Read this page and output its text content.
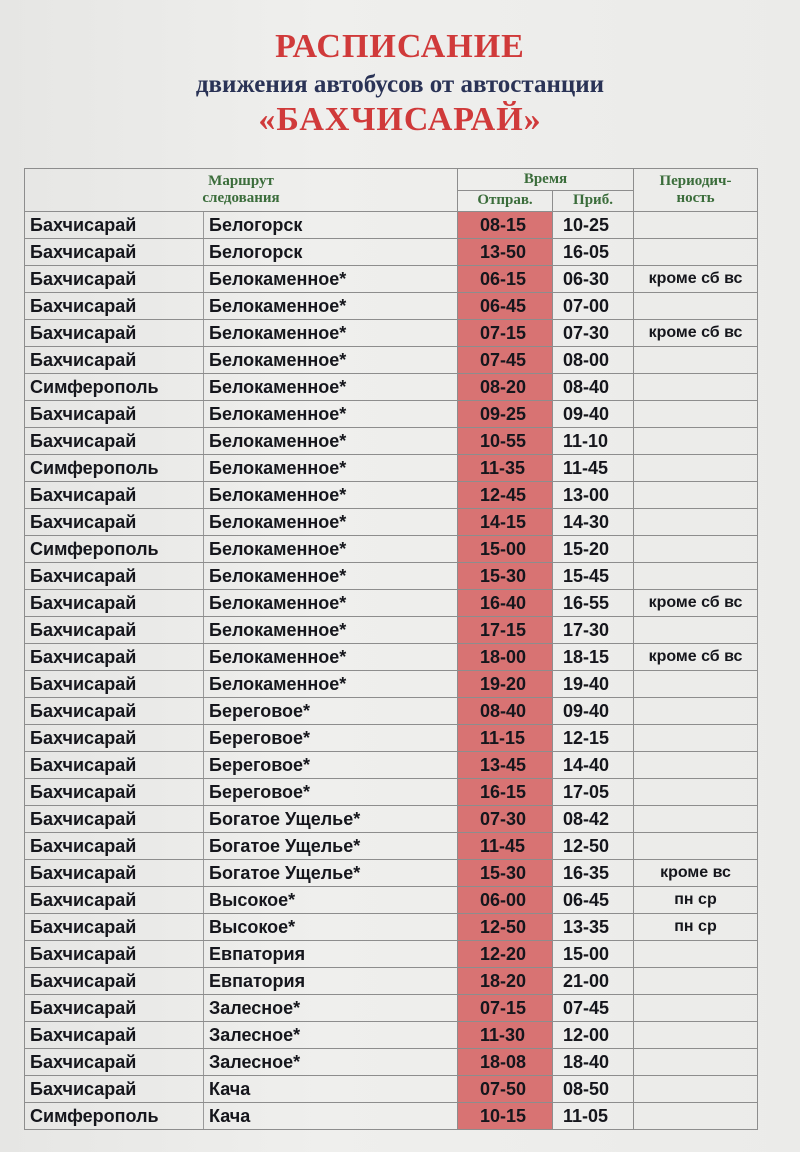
РАСПИСАНИЕ
движения автобусов от автостанции
«БАХЧИСАРАЙ»
Маршрут
следования		Время		Периодич-
ность
		Отправ.	Приб.	
Бахчисарай	Белогорск	08-15	10-25	
Бахчисарай	Белогорск	13-50	16-05	
Бахчисарай	Белокаменное*	06-15	06-30	кроме сб вс
Бахчисарай	Белокаменное*	06-45	07-00	
Бахчисарай	Белокаменное*	07-15	07-30	кроме сб вс
Бахчисарай	Белокаменное*	07-45	08-00	
Симферополь	Белокаменное*	08-20	08-40	
Бахчисарай	Белокаменное*	09-25	09-40	
Бахчисарай	Белокаменное*	10-55	11-10	
Симферополь	Белокаменное*	11-35	11-45	
Бахчисарай	Белокаменное*	12-45	13-00	
Бахчисарай	Белокаменное*	14-15	14-30	
Симферополь	Белокаменное*	15-00	15-20	
Бахчисарай	Белокаменное*	15-30	15-45	
Бахчисарай	Белокаменное*	16-40	16-55	кроме сб вс
Бахчисарай	Белокаменное*	17-15	17-30	
Бахчисарай	Белокаменное*	18-00	18-15	кроме сб вс
Бахчисарай	Белокаменное*	19-20	19-40	
Бахчисарай	Береговое*	08-40	09-40	
Бахчисарай	Береговое*	11-15	12-15	
Бахчисарай	Береговое*	13-45	14-40	
Бахчисарай	Береговое*	16-15	17-05	
Бахчисарай	Богатое Ущелье*	07-30	08-42	
Бахчисарай	Богатое Ущелье*	11-45	12-50	
Бахчисарай	Богатое Ущелье*	15-30	16-35	кроме вс
Бахчисарай	Высокое*	06-00	06-45	пн ср
Бахчисарай	Высокое*	12-50	13-35	пн ср
Бахчисарай	Евпатория	12-20	15-00	
Бахчисарай	Евпатория	18-20	21-00	
Бахчисарай	Залесное*	07-15	07-45	
Бахчисарай	Залесное*	11-30	12-00	
Бахчисарай	Залесное*	18-08	18-40	
Бахчисарай	Кача	07-50	08-50	
Симферополь	Кача	10-15	11-05	
